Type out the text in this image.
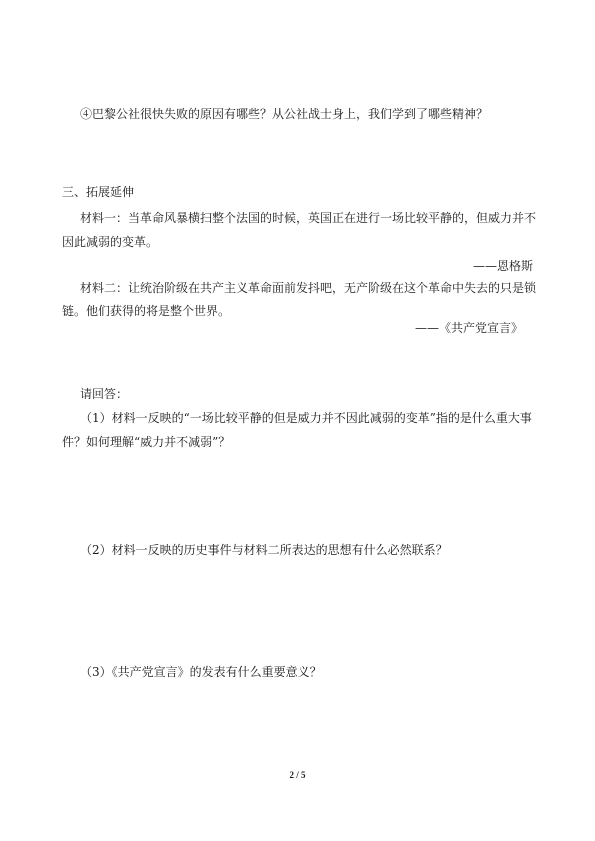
④巴黎公社很快失败的原因有哪些？从公社战士身上，我们学到了哪些精神？
三、拓展延伸
材料一：当革命风暴横扫整个法国的时候，英国正在进行一场比较平静的，但威力并不
因此减弱的变革。
——恩格斯
材料二：让统治阶级在共产主义革命面前发抖吧，无产阶级在这个革命中失去的只是锁
链。他们获得的将是整个世界。
——《共产党宣言》
请回答：
（1）材料一反映的“一场比较平静的但是威力并不因此减弱的变革”指的是什么重大事
件？如何理解“威力并不减弱”？
（2）材料一反映的历史事件与材料二所表达的思想有什么必然联系？
（3）《共产党宣言》的发表有什么重要意义？
2 / 5
